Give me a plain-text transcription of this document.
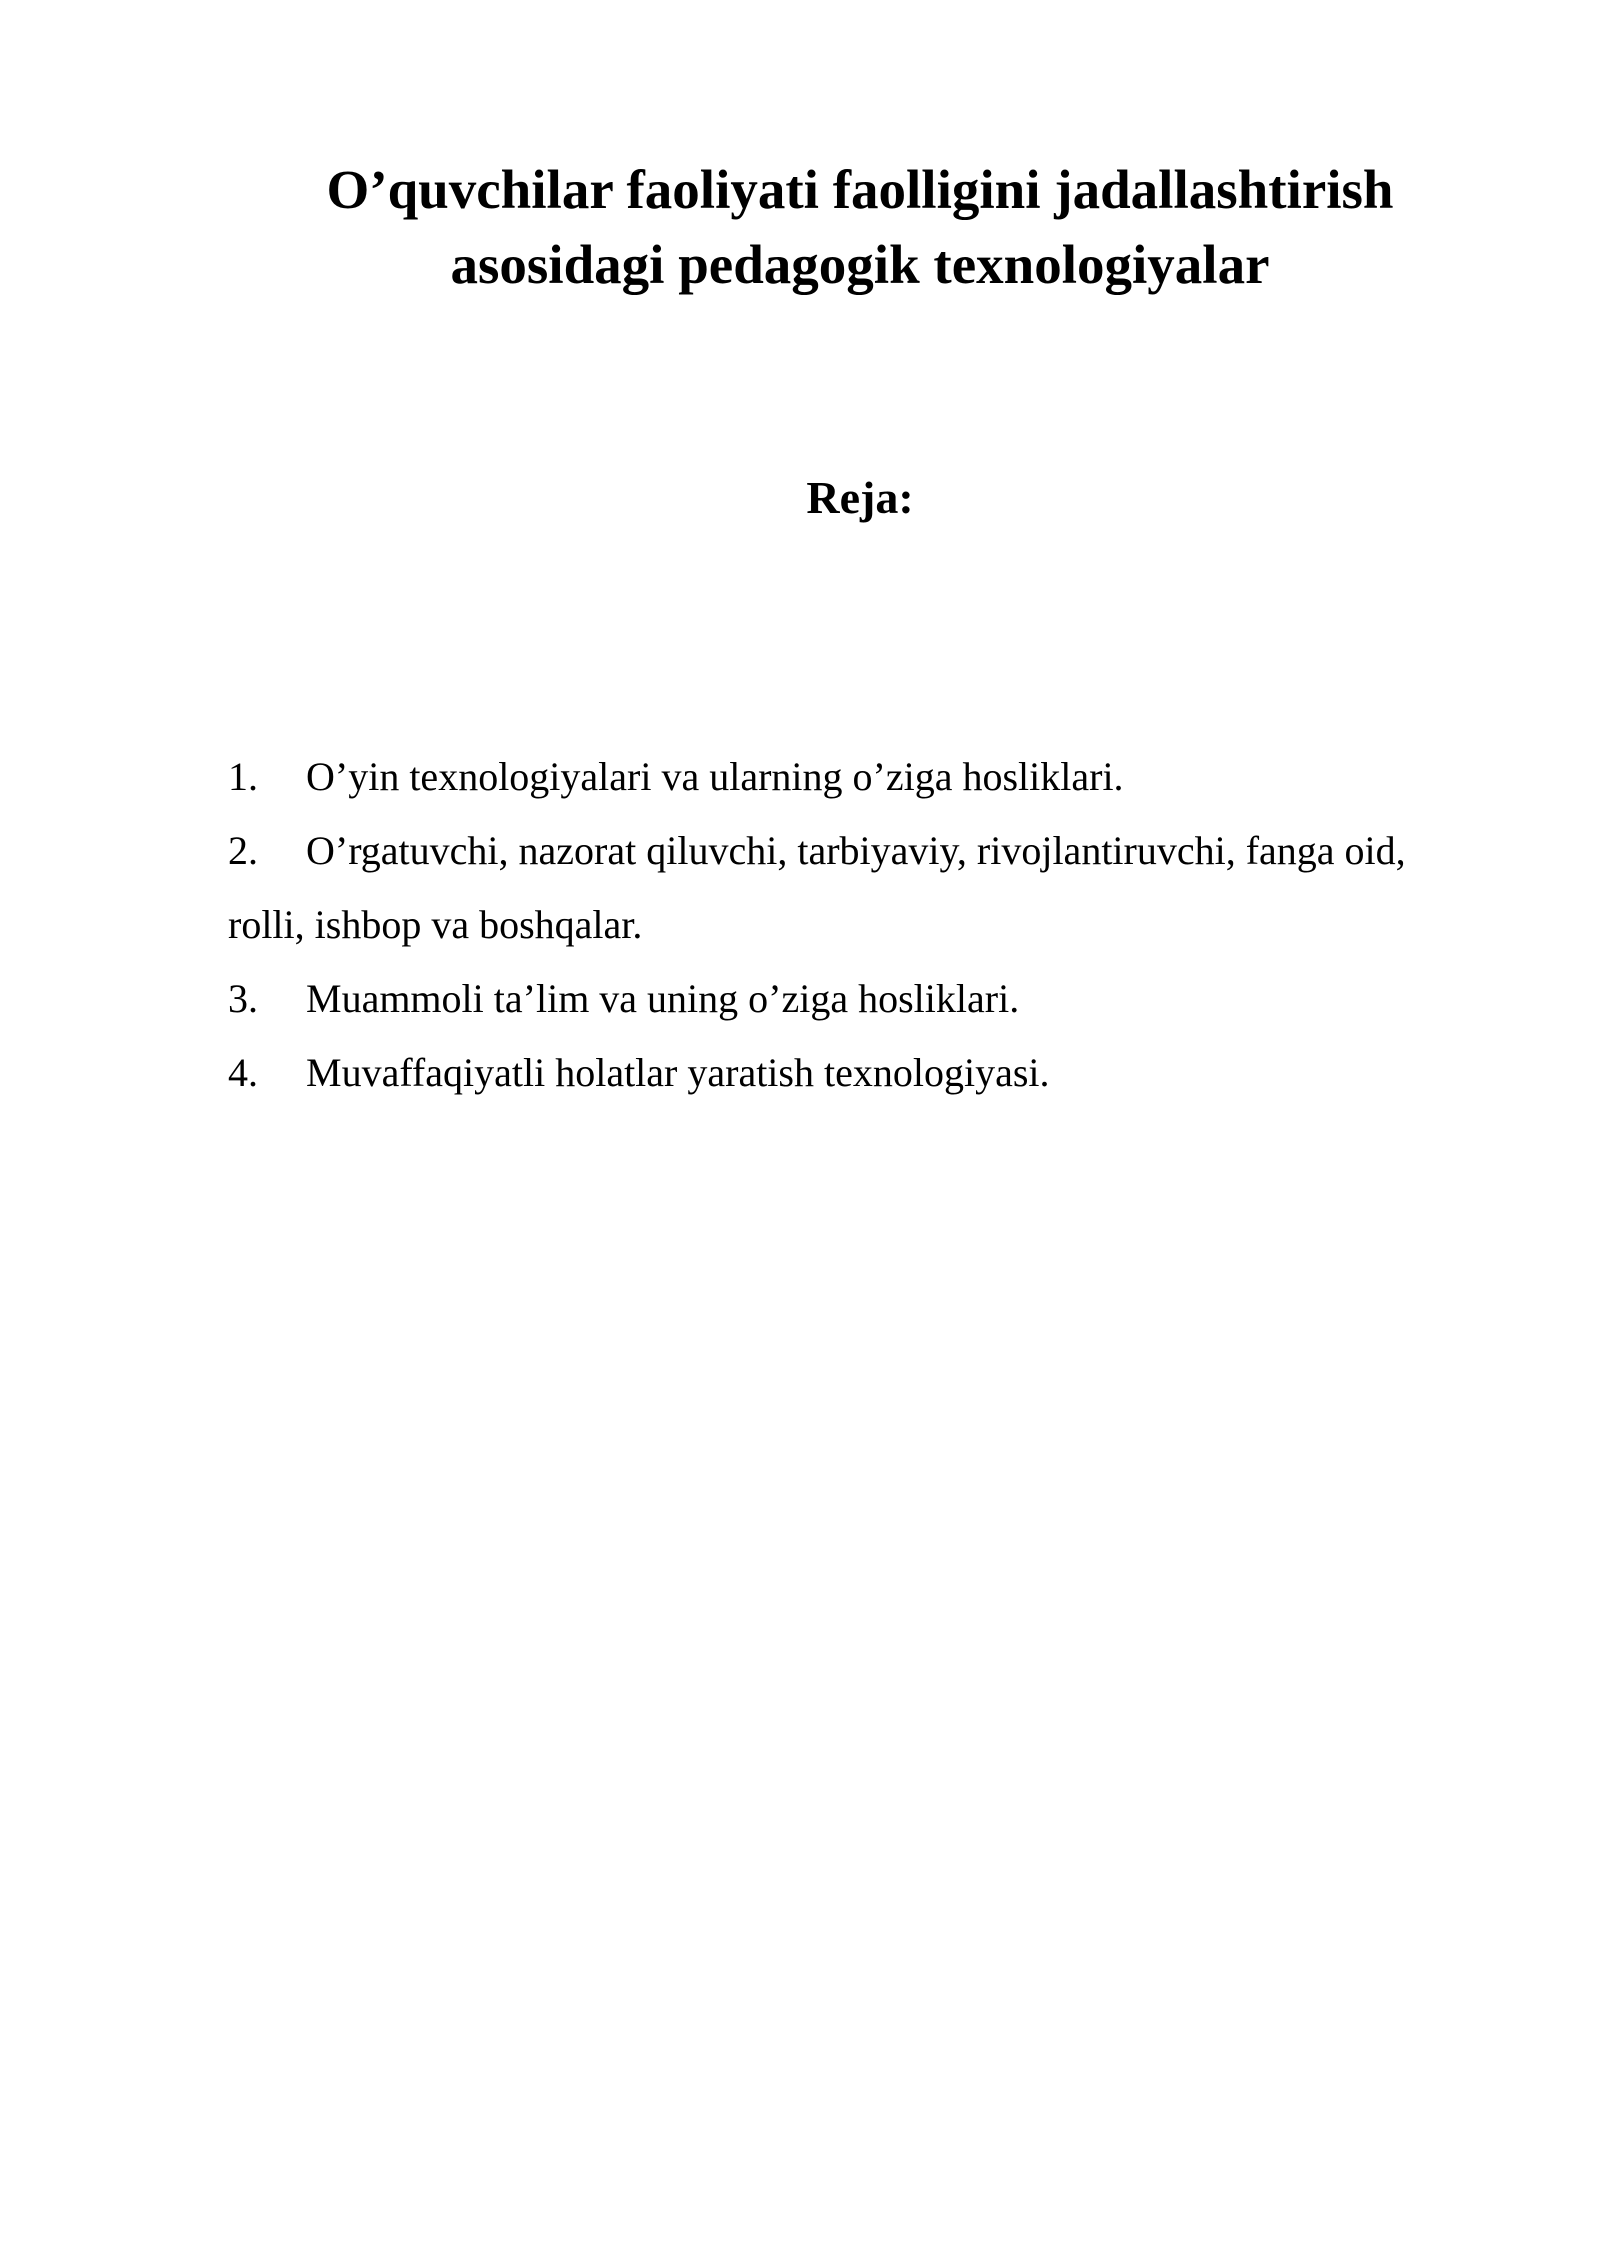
O’quvchilar faoliyati faolligini jadallashtirish
asosidagi pedagogik texnologiyalar
Reja:
1. O’yin texnologiyalari va ularning o’ziga hosliklari.
2. O’rgatuvchi, nazorat qiluvchi, tarbiyaviy, rivojlantiruvchi, fanga oid, rolli, ishbop va boshqalar.
3. Muammoli ta’lim va uning o’ziga hosliklari.
4. Muvaffaqiyatli holatlar yaratish texnologiyasi.
